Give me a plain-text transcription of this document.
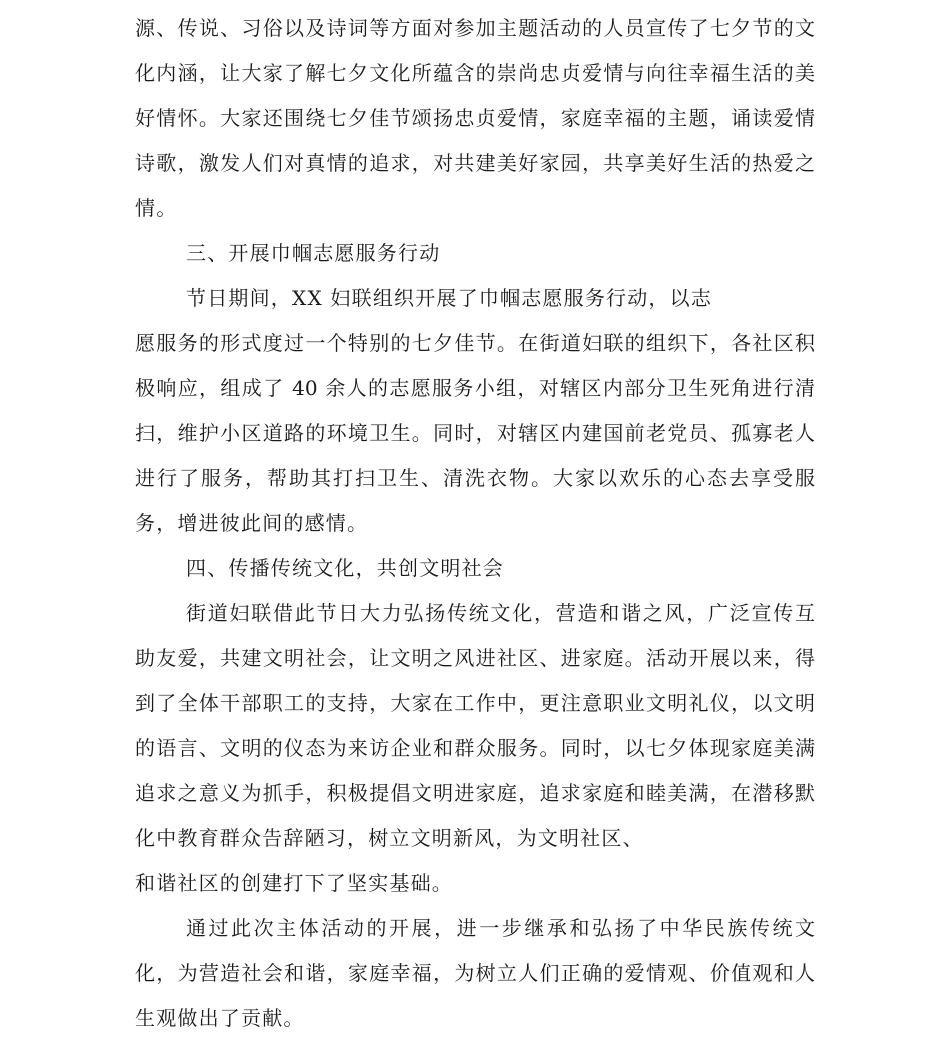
源、传说、习俗以及诗词等方面对参加主题活动的人员宣传了七夕节的文
化内涵，让大家了解七夕文化所蕴含的崇尚忠贞爱情与向往幸福生活的美
好情怀。大家还围绕七夕佳节颂扬忠贞爱情，家庭幸福的主题，诵读爱情
诗歌，激发人们对真情的追求，对共建美好家园，共享美好生活的热爱之
情。
三、开展巾帼志愿服务行动
节日期间，XX 妇联组织开展了巾帼志愿服务行动，以志
愿服务的形式度过一个特别的七夕佳节。在街道妇联的组织下，各社区积
极响应，组成了 40 余人的志愿服务小组，对辖区内部分卫生死角进行清
扫，维护小区道路的环境卫生。同时，对辖区内建国前老党员、孤寡老人
进行了服务，帮助其打扫卫生、清洗衣物。大家以欢乐的心态去享受服
务，增进彼此间的感情。
四、传播传统文化，共创文明社会
街道妇联借此节日大力弘扬传统文化，营造和谐之风，广泛宣传互
助友爱，共建文明社会，让文明之风进社区、进家庭。活动开展以来，得
到了全体干部职工的支持，大家在工作中，更注意职业文明礼仪，以文明
的语言、文明的仪态为来访企业和群众服务。同时，以七夕体现家庭美满
追求之意义为抓手，积极提倡文明进家庭，追求家庭和睦美满，在潜移默
化中教育群众告辞陋习，树立文明新风，为文明社区、
和谐社区的创建打下了坚实基础。
通过此次主体活动的开展，进一步继承和弘扬了中华民族传统文
化，为营造社会和谐，家庭幸福，为树立人们正确的爱情观、价值观和人
生观做出了贡献。
